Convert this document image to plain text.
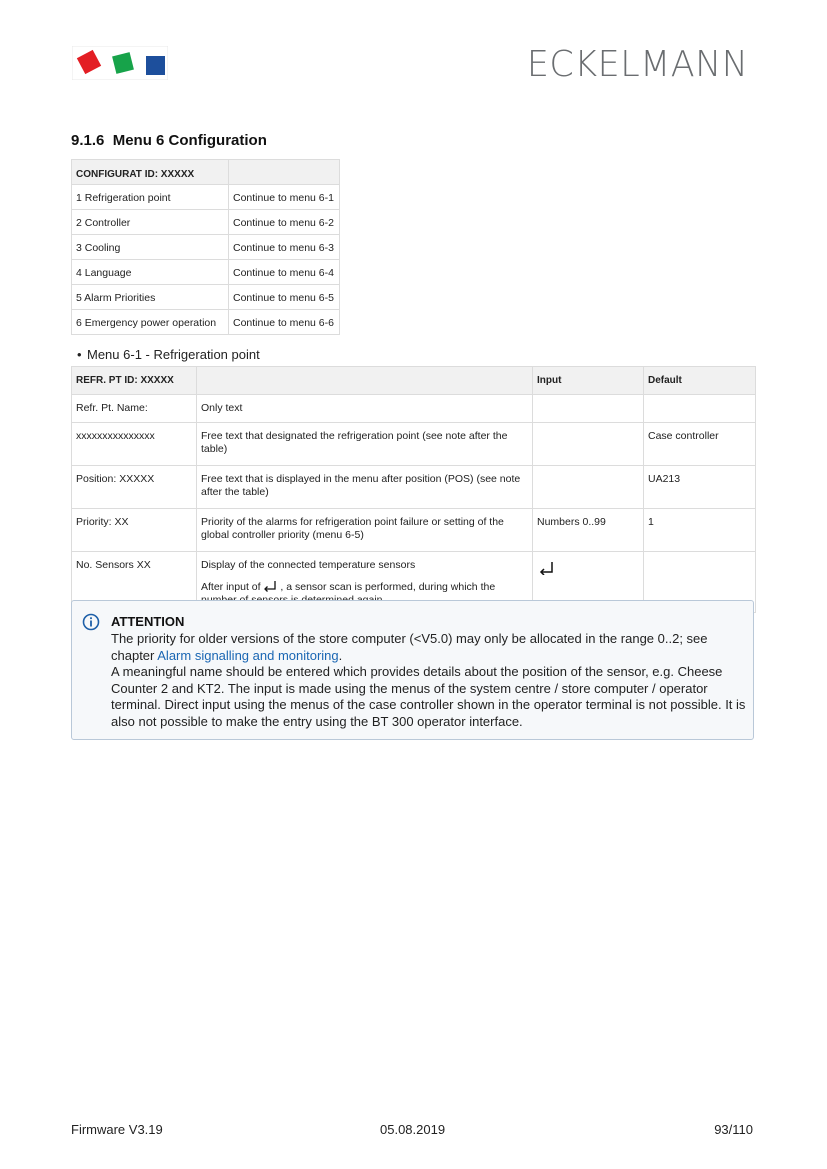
ECKELMANN
9.1.6 Menu 6 Configuration
CONFIGURAT ID: XXXXX	
1 Refrigeration point	Continue to menu 6-1
2 Controller	Continue to menu 6-2
3 Cooling	Continue to menu 6-3
4 Language	Continue to menu 6-4
5 Alarm Priorities	Continue to menu 6-5
6 Emergency power operation	Continue to menu 6-6

• Menu 6-1 - Refrigeration point

REFR. PT ID: XXXXX		Input	Default
Refr. Pt. Name:	Only text		
xxxxxxxxxxxxxxx	Free text that designated the refrigeration point (see note after the table)		Case controller
Position: XXXXX	Free text that is displayed in the menu after position (POS) (see note after the table)		UA213
Priority: XX	Priority of the alarms for refrigeration point failure or setting of the global controller priority (menu 6-5)	Numbers 0..99	1
No. Sensors XX	Display of the connected temperature sensors
After input of , a sensor scan is performed, during which the

ATTENTION

The priority for older versions of the store computer (<V5.0) may only be allocated in the range 0..2; see chapter Alarm signalling and monitoring.

A meaningful name should be entered which provides details about the position of the sensor, e.g. Cheese Counter 2 and KT2. The input is made using the menus of the system centre / store computer / operator terminal. Direct input using the menus of the case controller shown in the operator terminal is not possible. It is also not possible to make the entry using the BT 300 operator interface.

Firmware V3.19	05.08.2019	93/110
